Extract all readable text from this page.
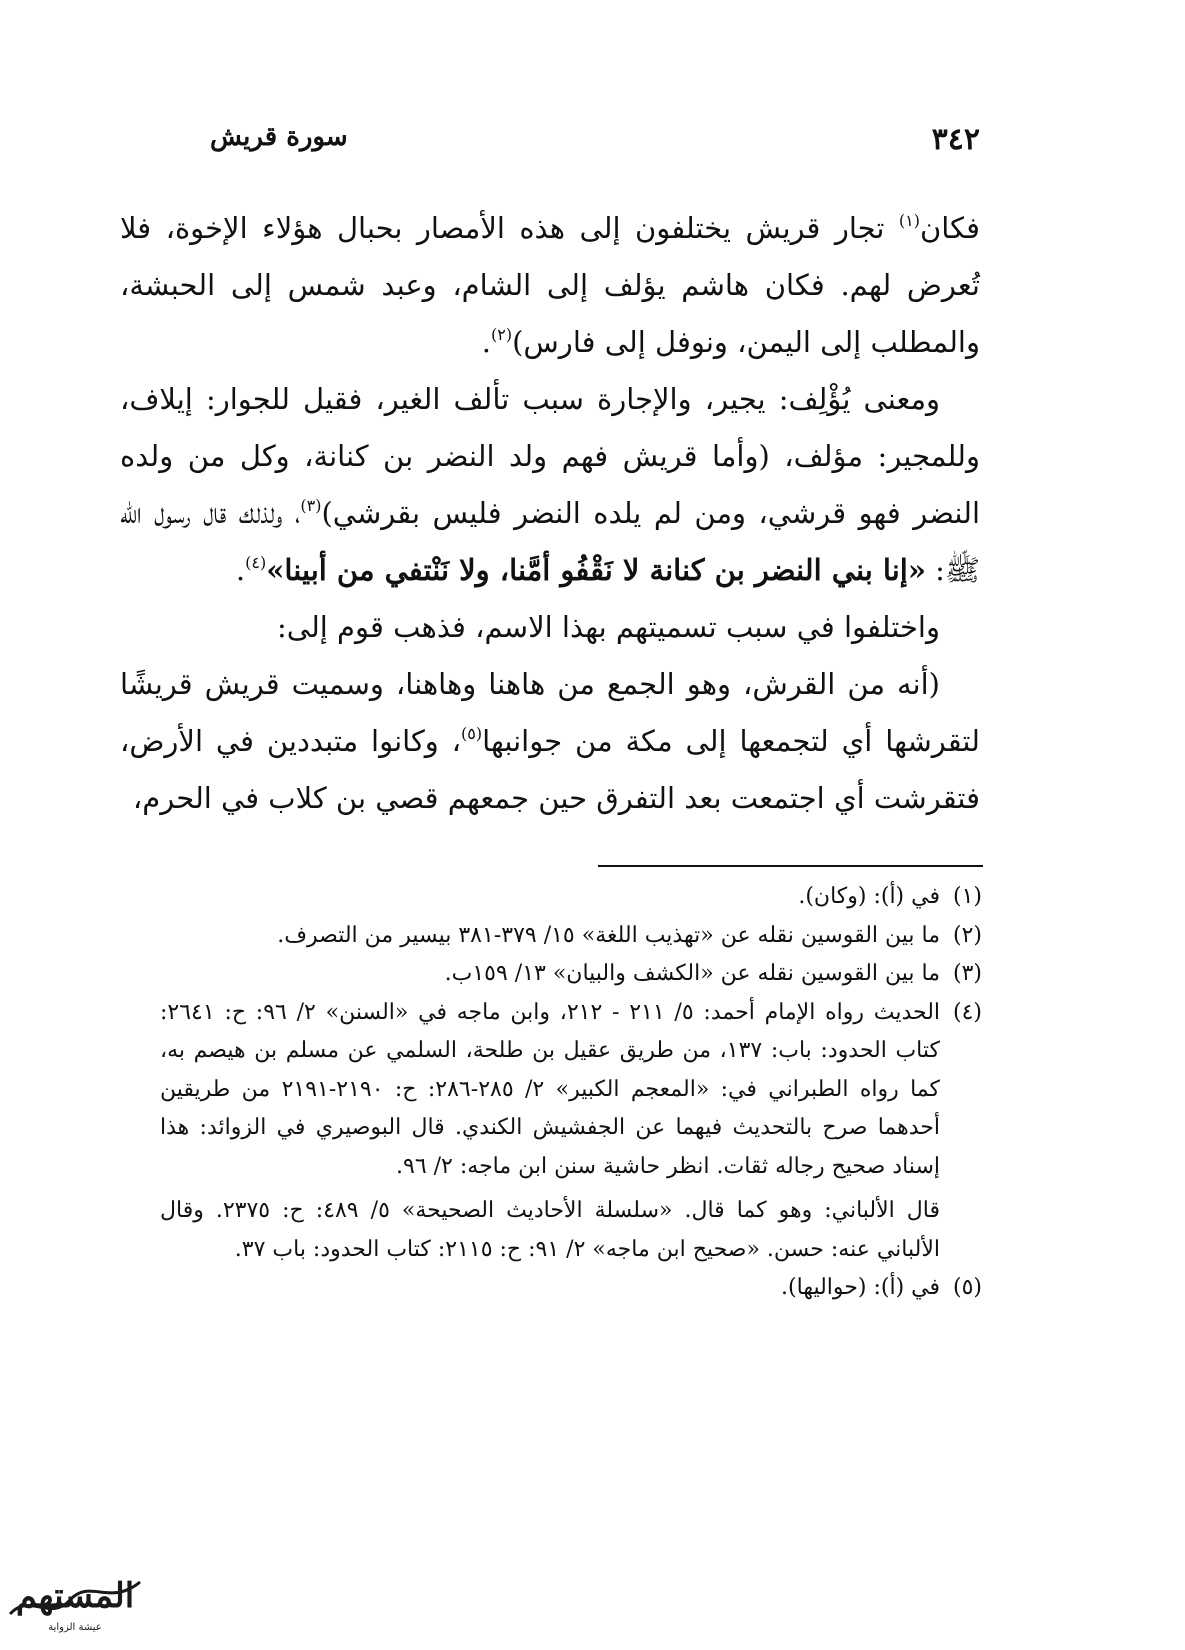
٣٤٢
سورة قريش

فكان$^{(١)}$ تجار قريش يختلفون إلى هذه الأمصار بحبال هؤلاء الإخوة، فلا تُعرض لهم. فكان هاشم يؤلف إلى الشام، وعبد شمس إلى الحبشة، والمطلب إلى اليمن، ونوفل إلى فارس)$^{(٢)}$.

ومعنى يُؤْلِف: يجير، والإجارة سبب تألف الغير، فقيل للجوار: إيلاف، وللمجير: مؤلف، (وأما قريش فهم ولد النضر بن كنانة، وكل من ولده النضر فهو قرشي، ومن لم يلده النضر فليس بقرشي)$^{(٣)}$، ولذلك قال رسول الله ﷺ: «إنا بني النضر بن كنانة لا نَقْفُو أمَّنا، ولا نَنْتفي من أبينا»$^{(٤)}$.

واختلفوا في سبب تسميتهم بهذا الاسم، فذهب قوم إلى:

(أنه من القرش، وهو الجمع من هاهنا وهاهنا، وسميت قريش قريشًا لتقرشها أي لتجمعها إلى مكة من جوانبها$^{(٥)}$، وكانوا متبددين في الأرض، فتقرشت أي اجتمعت بعد التفرق حين جمعهم قصي بن كلاب في الحرم،

(١)
في (أ): (وكان).
(٢)
ما بين القوسين نقله عن «تهذيب اللغة» ١٥/ ٣٧٩-٣٨١ بيسير من التصرف.
(٣)
ما بين القوسين نقله عن «الكشف والبيان» ١٣/ ١٥٩ب.
(٤)
الحديث رواه الإمام أحمد: ٥/ ٢١١ - ٢١٢، وابن ماجه في «السنن» ٢/ ٩٦: ح: ٢٦٤١: كتاب الحدود: باب: ١٣٧، من طريق عقيل بن طلحة، السلمي عن مسلم بن هيصم به، كما رواه الطبراني في: «المعجم الكبير» ٢/ ٢٨٥-٢٨٦: ح: ٢١٩٠-٢١٩١ من طريقين أحدهما صرح بالتحديث فيهما عن الجفشيش الكندي. قال البوصيري في الزوائد: هذا إسناد صحيح رجاله ثقات. انظر حاشية سنن ابن ماجه: ٢/ ٩٦.
قال الألباني: وهو كما قال. «سلسلة الأحاديث الصحيحة» ٥/ ٤٨٩: ح: ٢٣٧٥. وقال الألباني عنه: حسن. «صحيح ابن ماجه» ٢/ ٩١: ح: ٢١١٥: كتاب الحدود: باب ٣٧.
(٥)
في (أ): (حواليها).
المستهم
عيشة الزواية
